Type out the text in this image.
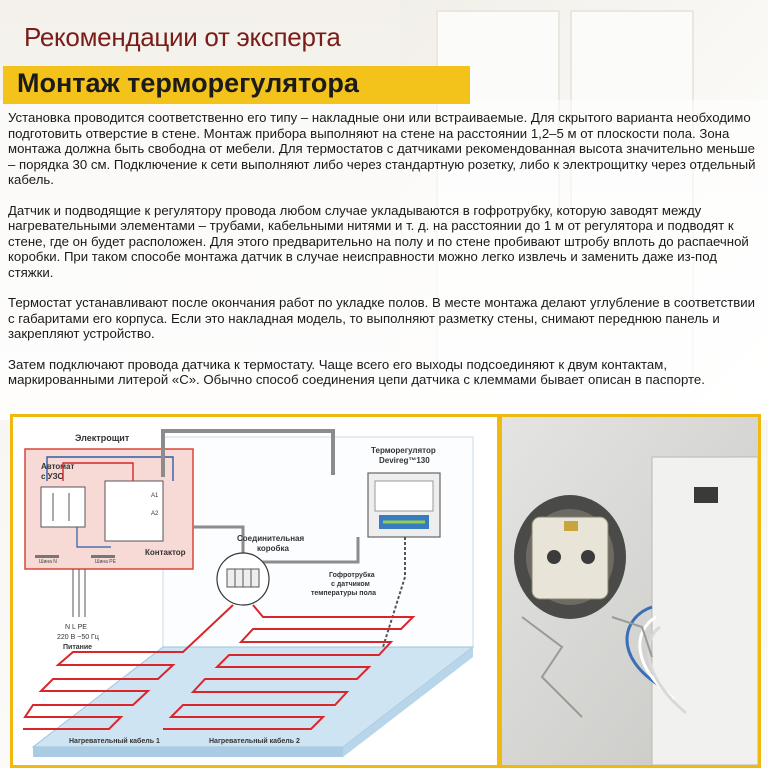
Рекомендации от эксперта
Монтаж терморегулятора

Установка проводится соответственно его типу – накладные они или встраиваемые. Для скрытого варианта необходимо подготовить отверстие в стене. Монтаж прибора выполняют на стене на расстоянии 1,2–5 м от плоскости пола. Зона монтажа должна быть свободна от мебели. Для термостатов с датчиками рекомендованная высота значительно меньше – порядка 30 см. Подключение к сети выполняют либо через стандартную розетку, либо к электрощитку через отдельный кабель.

Датчик и подводящие к регулятору провода любом случае укладываются в гофротрубку, которую заводят между нагревательными элементами – трубами, кабельными нитями и т. д. на расстоянии до 1 м от регулятора и подводят к стене, где он будет расположен. Для этого предварительно на полу и по стене пробивают штробу вплоть до распаечной коробки. При таком способе монтажа датчик в случае неисправности можно легко извлечь и заменить даже из-под стяжки.

Термостат устанавливают после окончания работ по укладке полов. В месте монтажа делают углубление в соответствии с габаритами его корпуса. Если это накладная модель, то выполняют разметку стены, снимают переднюю панель и закрепляют устройство.

Затем подключают провода датчика к термостату. Чаще всего его выходы подсоединяют к двум контактам, маркированными литерой «С». Обычно способ соединения цепи датчика с клеммами бывает описан в паспорте.

Электрощит
Автомат
с УЗО
A1
A2
Контактор
Шина N	Шина PE
N L PE
220 В ~50 Гц
Питание
Терморегулятор
Devireg™130
Гофротрубка
с датчиком
температуры пола
Соединительная
коробка
Нагревательный кабель 1	Нагревательный кабель 2
